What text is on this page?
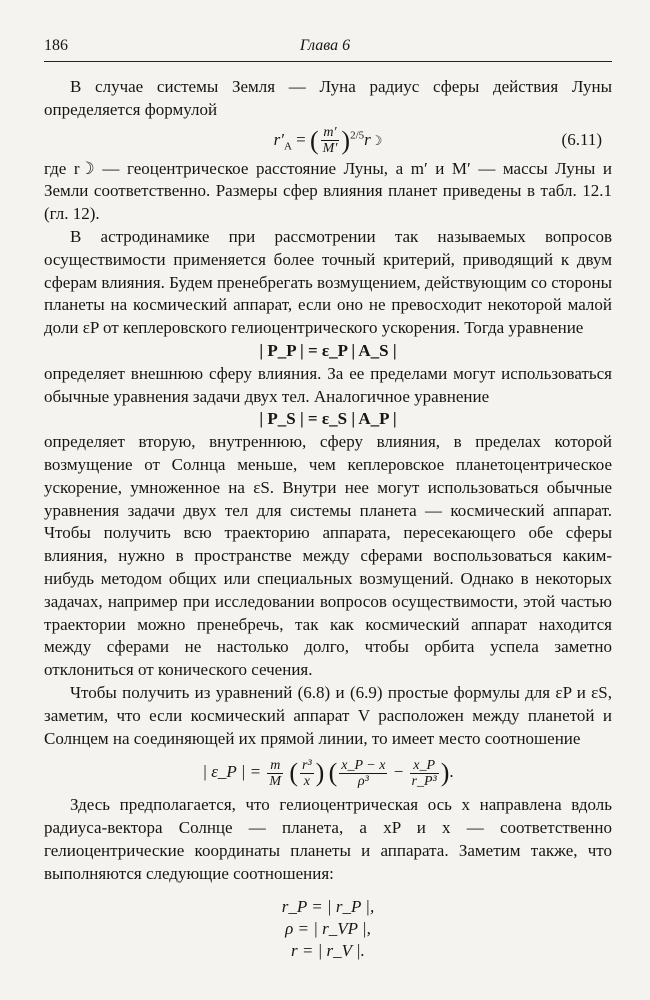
186	Глава 6

В случае системы Земля — Луна радиус сферы действия Луны определяется формулой

$r'_A$ = ( $\frac{m'}{M'}$ )$^{2/5}$r☽	(6.11)

где r☽ — геоцентрическое расстояние Луны, а m′ и M′ — массы Луны и Земли соответственно. Размеры сфер влияния планет приведены в табл. 12.1 (гл. 12).

В астродинамике при рассмотрении так называемых вопросов осуществимости применяется более точный критерий, приводящий к двум сферам влияния. Будем пренебрегать возмущением, действующим со стороны планеты на космический аппарат, если оно не превосходит некоторой малой доли εP от кеплеровского гелиоцентрического ускорения. Тогда уравнение

| P_P | = ε_P | A_S |

определяет внешнюю сферу влияния. За ее пределами могут использоваться обычные уравнения задачи двух тел. Аналогичное уравнение

| P_S | = ε_S | A_P |

определяет вторую, внутреннюю, сферу влияния, в пределах которой возмущение от Солнца меньше, чем кеплеровское планетоцентрическое ускорение, умноженное на εS. Внутри нее могут использоваться обычные уравнения задачи двух тел для системы планета — космический аппарат. Чтобы получить всю траекторию аппарата, пересекающего обе сферы влияния, нужно в пространстве между сферами воспользоваться каким-нибудь методом общих или специальных возмущений. Однако в некоторых задачах, например при исследовании вопросов осуществимости, этой частью траектории можно пренебречь, так как космический аппарат находится между сферами не настолько долго, чтобы орбита успела заметно отклониться от конического сечения.

Чтобы получить из уравнений (6.8) и (6.9) простые формулы для εP и εS, заметим, что если космический аппарат V расположен между планетой и Солнцем на соединяющей их прямой линии, то имеет место соотношение

| ε_P | = $\frac{m}{M}$ ( $\frac{\text{r³}}{x}$ ) ( $\frac{x\_P - x}{\text{ρ³}} - \frac{x\_P}{\text{r\_P³}}$ ).

Здесь предполагается, что гелиоцентрическая ось x направлена вдоль радиуса-вектора Солнце — планета, а xP и x — соответственно гелиоцентрические координаты планеты и аппарата. Заметим также, что выполняются следующие соотношения:

r_P = | r_P |,
ρ = | r_VP |,
r = | r_V |.
